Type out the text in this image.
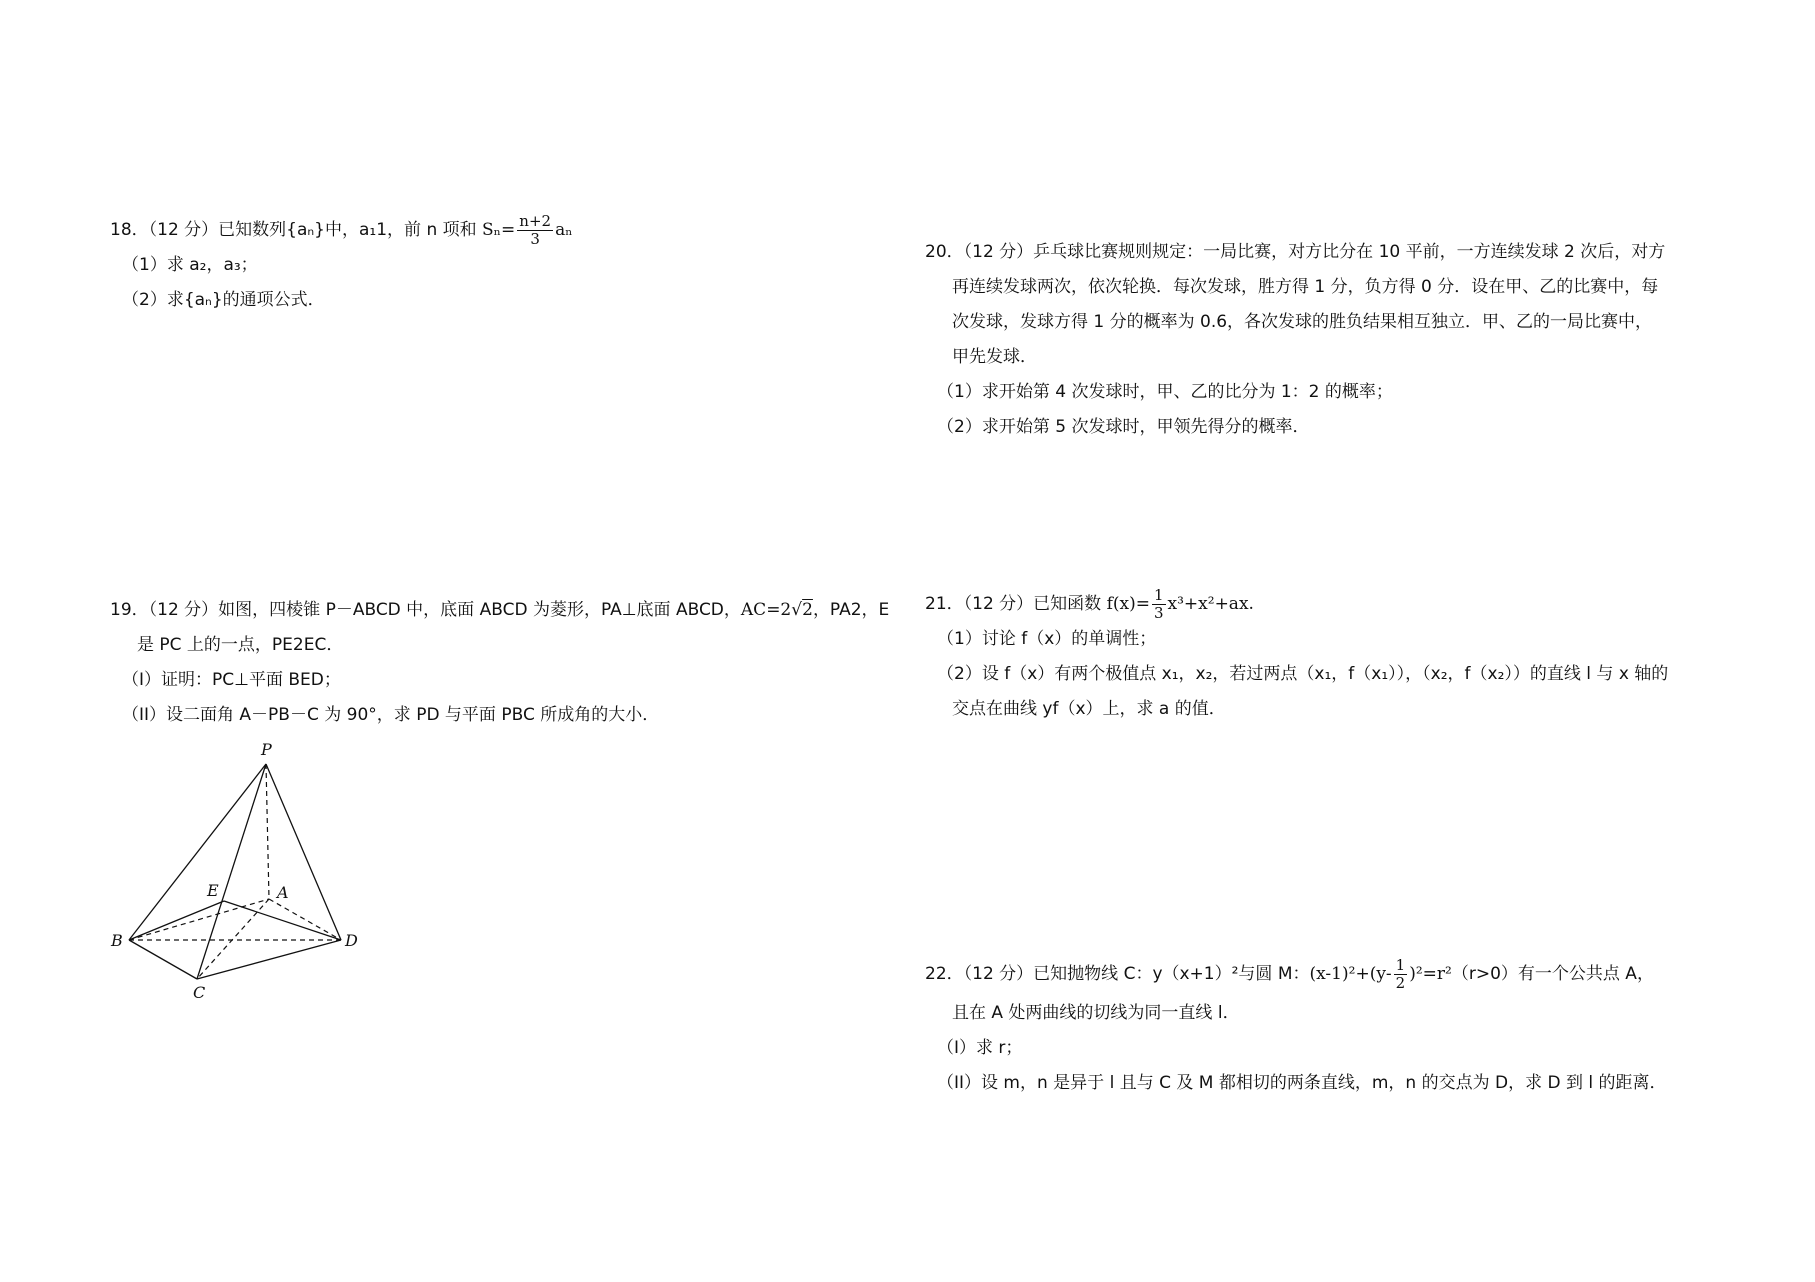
18．（12 分）已知数列{aₙ}中，a₁1，前 n 项和 $S_n= \frac{n+2}{3}$ aₙ

（1）求 a₂，a₃；

（2）求{aₙ}的通项公式．

19．（12 分）如图，四棱锥 P－ABCD 中，底面 ABCD 为菱形，PA⊥底面 ABCD，AC=2√2，PA2，E

是 PC 上的一点，PE2EC．

（I）证明：PC⊥平面 BED；

（II）设二面角 A－PB－C 为 90°，求 PD 与平面 PBC 所成角的大小．

P
A
E
B	D
C

20．（12 分）乒乓球比赛规则规定：一局比赛，对方比分在 10 平前，一方连续发球 2 次后，对方

再连续发球两次，依次轮换．每次发球，胜方得 1 分，负方得 0 分．设在甲、乙的比赛中，每

次发球，发球方得 1 分的概率为 0.6，各次发球的胜负结果相互独立．甲、乙的一局比赛中，

甲先发球．

（1）求开始第 4 次发球时，甲、乙的比分为 1：2 的概率；

（2）求开始第 5 次发球时，甲领先得分的概率．

21．（12 分）已知函数 $f(x)= \frac{1}{3} x^3+x^2+ax$.

（1）讨论 f（x）的单调性；

（2）设 f（x）有两个极值点 x₁，x₂，若过两点（x₁，f（x₁）），（x₂，f（x₂））的直线 l 与 x 轴的

交点在曲线 yf（x）上，求 a 的值．

22．（12 分）已知抛物线 C：y（x+1）²与圆 M：$(x-1)^2+(y- \frac{1}{2} )^2=r^2(r>0)$有一个公共点 A，

且在 A 处两曲线的切线为同一直线 l．

（I）求 r；

（II）设 m，n 是异于 l 且与 C 及 M 都相切的两条直线，m，n 的交点为 D，求 D 到 l 的距离．
